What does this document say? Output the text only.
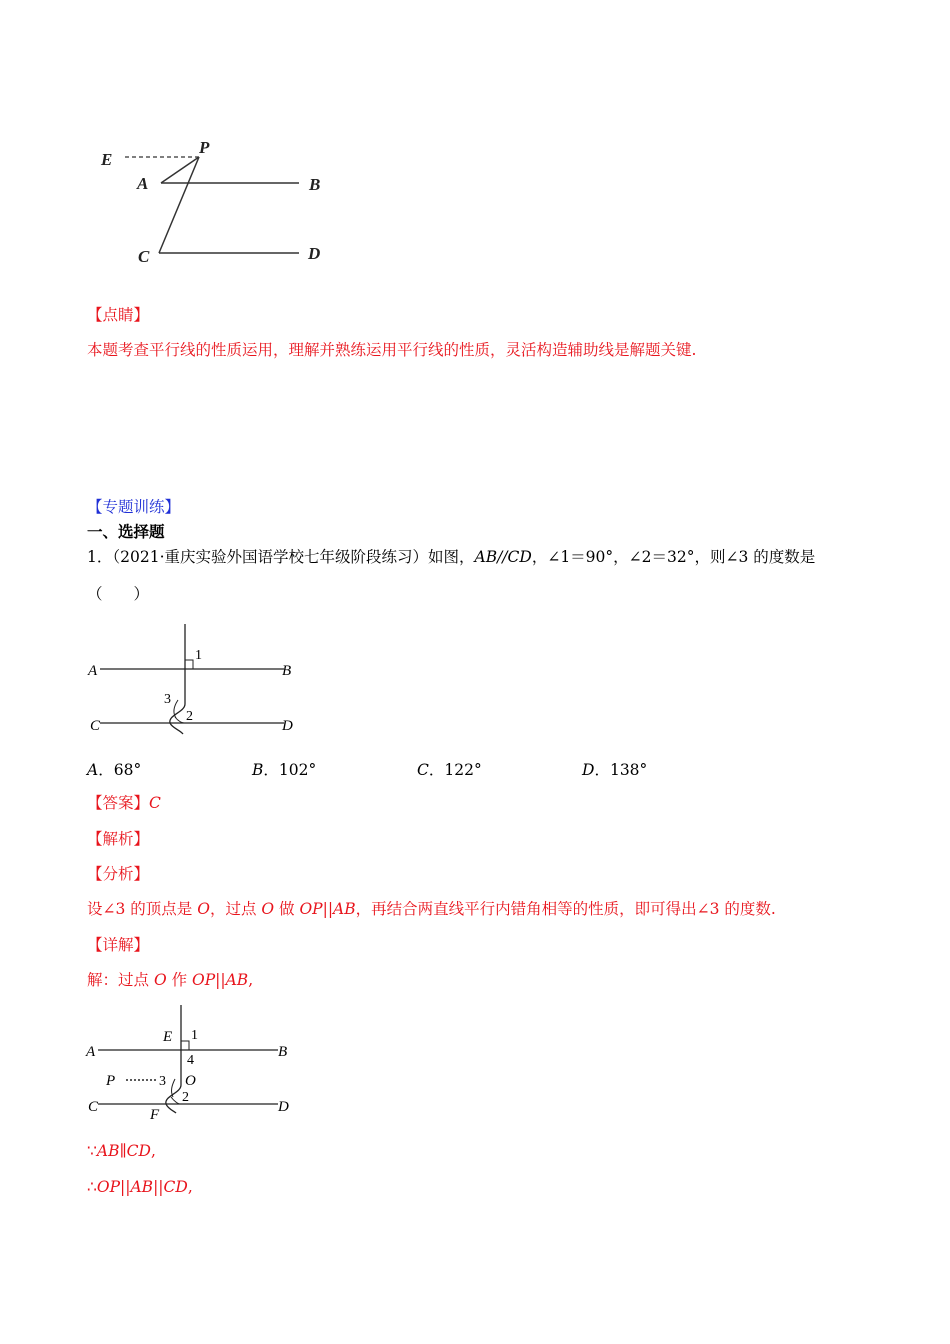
E
P
A	B
C	D
【点睛】
本题考查平行线的性质运用，理解并熟练运用平行线的性质，灵活构造辅助线是解题关键.
【专题训练】
一、选择题
1．（2021·重庆实验外国语学校七年级阶段练习）如图，AB//CD，∠1＝90°，∠2＝32°，则∠3 的度数是
（　　）
A	B
C	D
1
3
2
A．68°	B．102°	C．122°	D．138°
【答案】C
【解析】
【分析】
设∠3 的顶点是 O，过点 O 做 OP||AB，再结合两直线平行内错角相等的性质，即可得出∠3 的度数.
【详解】
解：过点 O 作 OP||AB,
A	B
C	D
E
F
P	O
1
4
3
2
∵AB∥CD,
∴OP||AB||CD,
